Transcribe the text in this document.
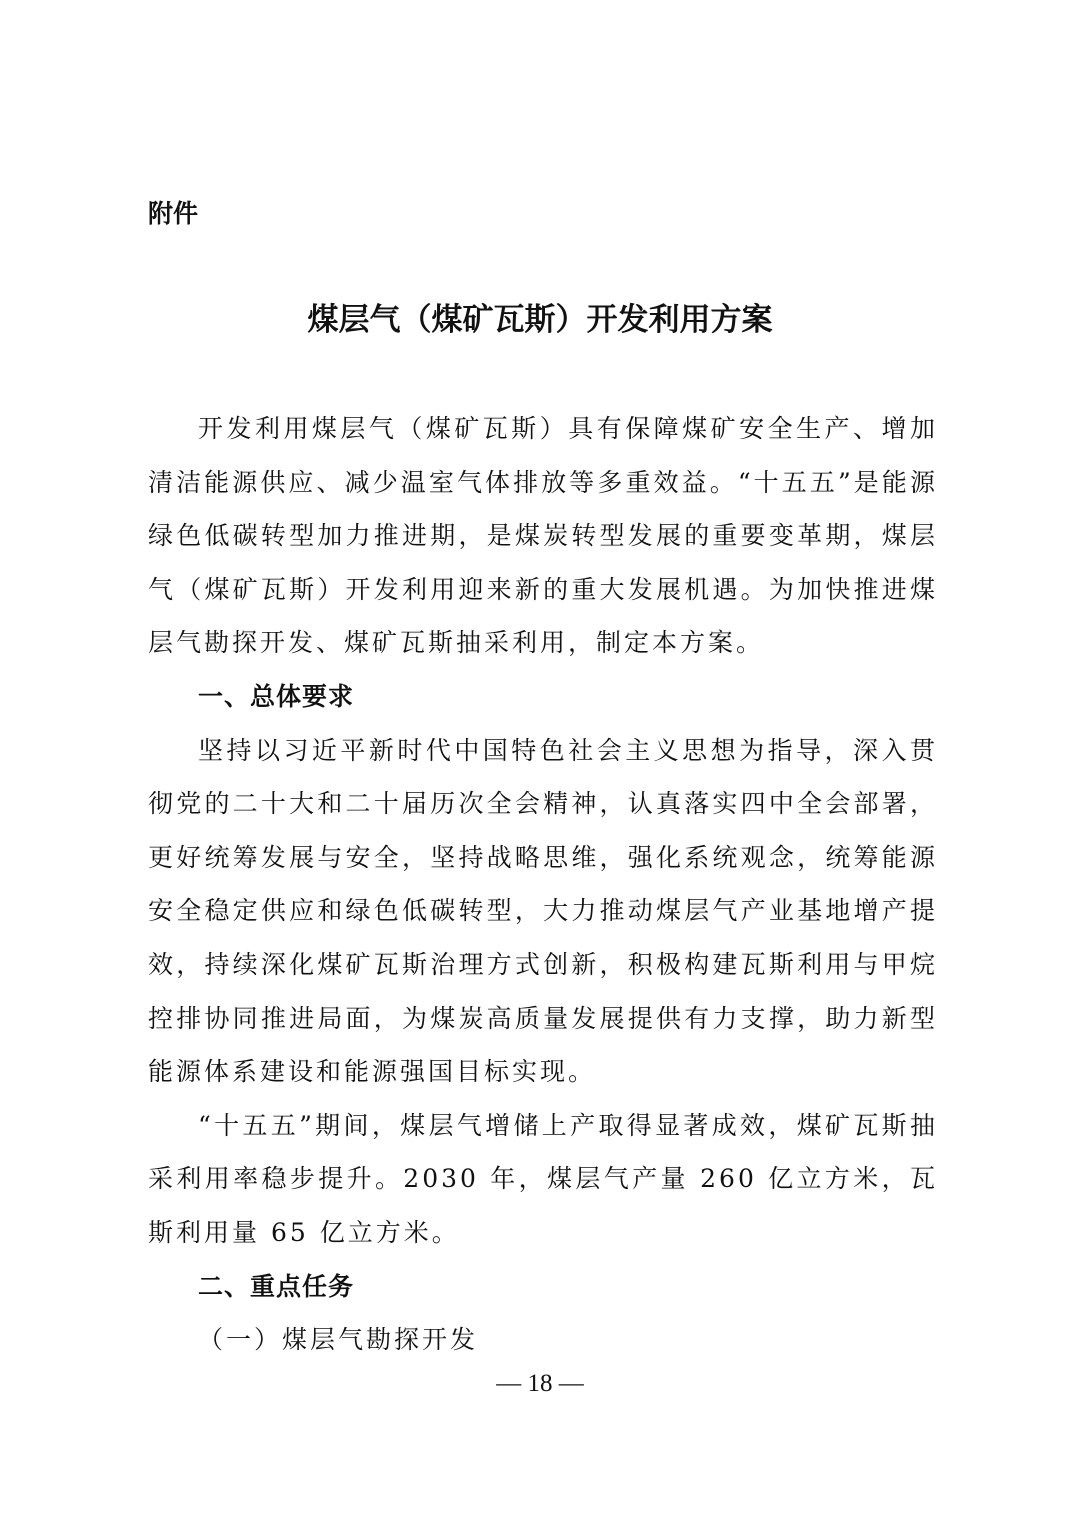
附件
煤层气（煤矿瓦斯）开发利用方案

开发利用煤层气（煤矿瓦斯）具有保障煤矿安全生产、增加清洁能源供应、减少温室气体排放等多重效益。“十五五”是能源绿色低碳转型加力推进期，是煤炭转型发展的重要变革期，煤层气（煤矿瓦斯）开发利用迎来新的重大发展机遇。为加快推进煤层气勘探开发、煤矿瓦斯抽采利用，制定本方案。

一、总体要求

坚持以习近平新时代中国特色社会主义思想为指导，深入贯彻党的二十大和二十届历次全会精神，认真落实四中全会部署，更好统筹发展与安全，坚持战略思维，强化系统观念，统筹能源安全稳定供应和绿色低碳转型，大力推动煤层气产业基地增产提效，持续深化煤矿瓦斯治理方式创新，积极构建瓦斯利用与甲烷控排协同推进局面，为煤炭高质量发展提供有力支撑，助力新型能源体系建设和能源强国目标实现。

“十五五”期间，煤层气增储上产取得显著成效，煤矿瓦斯抽采利用率稳步提升。2030 年，煤层气产量 260 亿立方米，瓦斯利用量 65 亿立方米。

二、重点任务
（一）煤层气勘探开发
— 18 —
